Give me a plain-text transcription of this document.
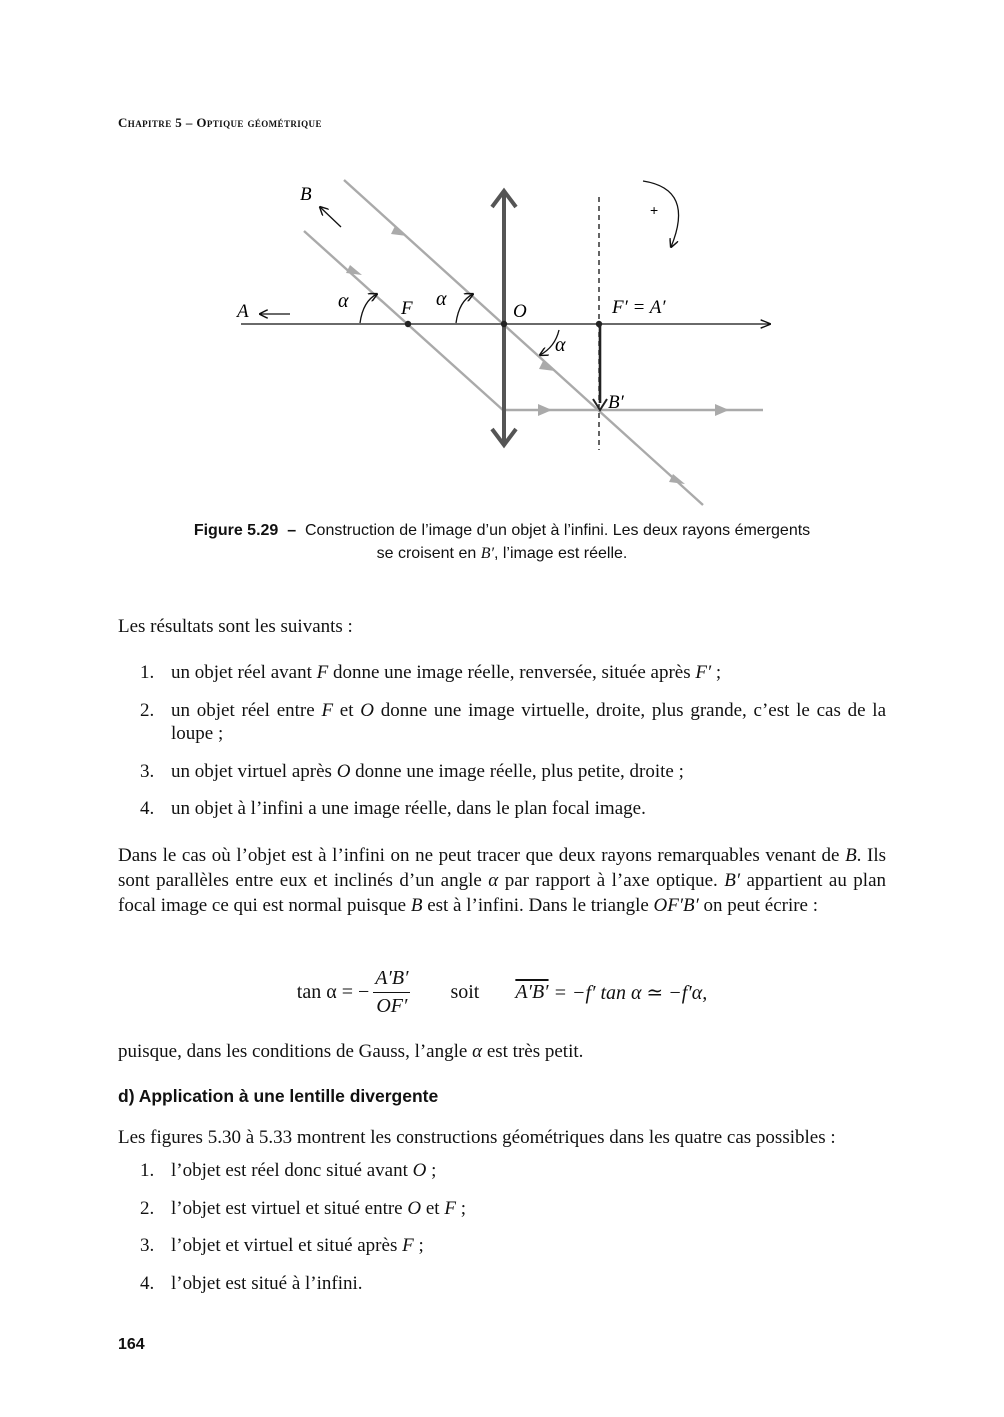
Chapitre 5 – Optique géométrique
A
B
F	O	F′ = A′
B′
α	α
α
+
Figure 5.29 – Construction de l’image d’un objet à l’infini. Les deux rayons émergents
se croisent en B′, l’image est réelle.
Les résultats sont les suivants :
1. un objet réel avant F donne une image réelle, renversée, située après F′ ;
2. un objet réel entre F et O donne une image virtuelle, droite, plus grande, c’est le cas de la loupe ;
3. un objet virtuel après O donne une image réelle, plus petite, droite ;
4. un objet à l’infini a une image réelle, dans le plan focal image.
Dans le cas où l’objet est à l’infini on ne peut tracer que deux rayons remarquables venant de B. Ils sont parallèles entre eux et inclinés d’un angle α par rapport à l’axe optique. B′ appartient au plan focal image ce qui est normal puisque B est à l’infini. Dans le triangle OF′B′ on peut écrire :
tan α = − $\frac{A'B'}{OF'}$ soit A′B′
= −f′ tan α ≃ −f′α,
puisque, dans les conditions de Gauss, l’angle α est très petit.
d) Application à une lentille divergente
Les figures 5.30 à 5.33 montrent les constructions géométriques dans les quatre cas possibles :
1. l’objet est réel donc situé avant O ;
2. l’objet est virtuel et situé entre O et F ;
3. l’objet et virtuel et situé après F ;
4. l’objet est situé à l’infini.
164
